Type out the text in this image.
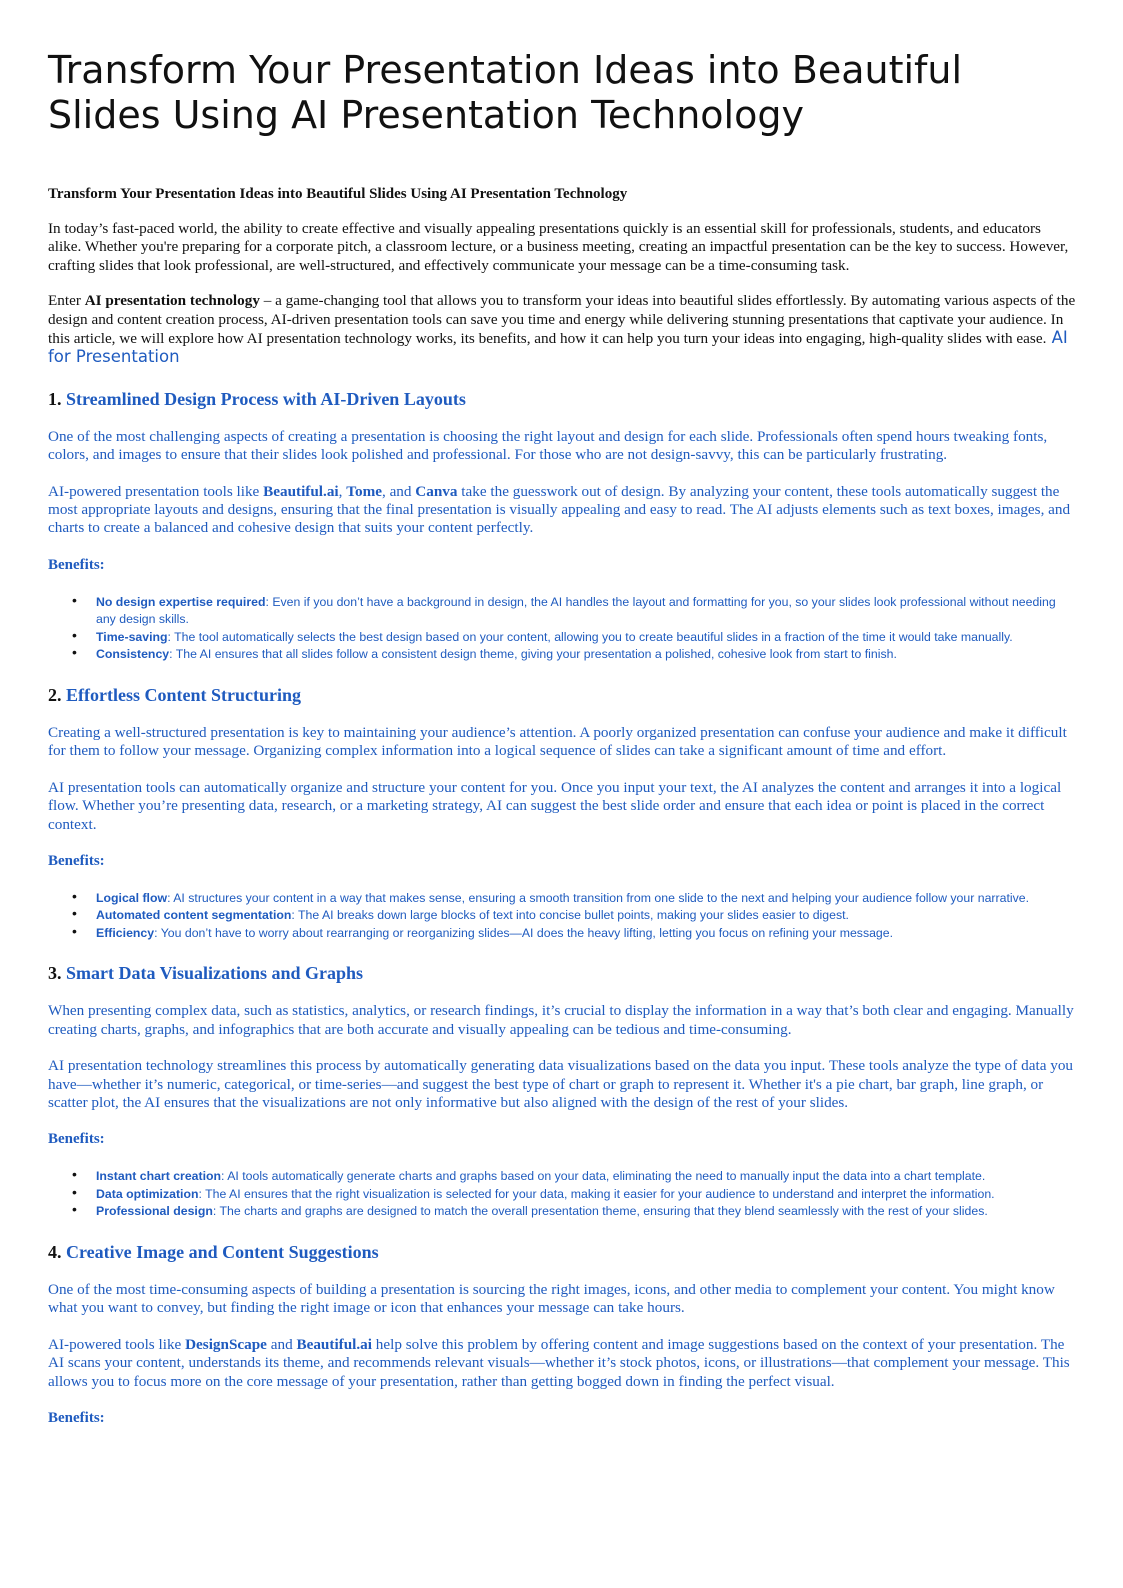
Transform Your Presentation Ideas into Beautiful Slides Using AI Presentation Technology
Transform Your Presentation Ideas into Beautiful Slides Using AI Presentation Technology

In today’s fast-paced world, the ability to create effective and visually appealing presentations quickly is an essential skill for professionals, students, and educators alike. Whether you're preparing for a corporate pitch, a classroom lecture, or a business meeting, creating an impactful presentation can be the key to success. However, crafting slides that look professional, are well-structured, and effectively communicate your message can be a time-consuming task.

Enter AI presentation technology – a game-changing tool that allows you to transform your ideas into beautiful slides effortlessly. By automating various aspects of the design and content creation process, AI-driven presentation tools can save you time and energy while delivering stunning presentations that captivate your audience. In this article, we will explore how AI presentation technology works, its benefits, and how it can help you turn your ideas into engaging, high-quality slides with ease. AI for Presentation

1. Streamlined Design Process with AI-Driven Layouts

One of the most challenging aspects of creating a presentation is choosing the right layout and design for each slide. Professionals often spend hours tweaking fonts, colors, and images to ensure that their slides look polished and professional. For those who are not design-savvy, this can be particularly frustrating.

AI-powered presentation tools like Beautiful.ai, Tome, and Canva take the guesswork out of design. By analyzing your content, these tools automatically suggest the most appropriate layouts and designs, ensuring that the final presentation is visually appealing and easy to read. The AI adjusts elements such as text boxes, images, and charts to create a balanced and cohesive design that suits your content perfectly.

Benefits:
• No design expertise required: Even if you don’t have a background in design, the AI handles the layout and formatting for you, so your slides look professional without needing any design skills.
• Time-saving: The tool automatically selects the best design based on your content, allowing you to create beautiful slides in a fraction of the time it would take manually.
• Consistency: The AI ensures that all slides follow a consistent design theme, giving your presentation a polished, cohesive look from start to finish.
2. Effortless Content Structuring

Creating a well-structured presentation is key to maintaining your audience’s attention. A poorly organized presentation can confuse your audience and make it difficult for them to follow your message. Organizing complex information into a logical sequence of slides can take a significant amount of time and effort.

AI presentation tools can automatically organize and structure your content for you. Once you input your text, the AI analyzes the content and arranges it into a logical flow. Whether you’re presenting data, research, or a marketing strategy, AI can suggest the best slide order and ensure that each idea or point is placed in the correct context.

Benefits:
• Logical flow: AI structures your content in a way that makes sense, ensuring a smooth transition from one slide to the next and helping your audience follow your narrative.
• Automated content segmentation: The AI breaks down large blocks of text into concise bullet points, making your slides easier to digest.
• Efficiency: You don’t have to worry about rearranging or reorganizing slides—AI does the heavy lifting, letting you focus on refining your message.
3. Smart Data Visualizations and Graphs

When presenting complex data, such as statistics, analytics, or research findings, it’s crucial to display the information in a way that’s both clear and engaging. Manually creating charts, graphs, and infographics that are both accurate and visually appealing can be tedious and time-consuming.

AI presentation technology streamlines this process by automatically generating data visualizations based on the data you input. These tools analyze the type of data you have—whether it’s numeric, categorical, or time-series—and suggest the best type of chart or graph to represent it. Whether it's a pie chart, bar graph, line graph, or scatter plot, the AI ensures that the visualizations are not only informative but also aligned with the design of the rest of your slides.

Benefits:
• Instant chart creation: AI tools automatically generate charts and graphs based on your data, eliminating the need to manually input the data into a chart template.
• Data optimization: The AI ensures that the right visualization is selected for your data, making it easier for your audience to understand and interpret the information.
• Professional design: The charts and graphs are designed to match the overall presentation theme, ensuring that they blend seamlessly with the rest of your slides.
4. Creative Image and Content Suggestions

One of the most time-consuming aspects of building a presentation is sourcing the right images, icons, and other media to complement your content. You might know what you want to convey, but finding the right image or icon that enhances your message can take hours.

AI-powered tools like DesignScape and Beautiful.ai help solve this problem by offering content and image suggestions based on the context of your presentation. The AI scans your content, understands its theme, and recommends relevant visuals—whether it’s stock photos, icons, or illustrations—that complement your message. This allows you to focus more on the core message of your presentation, rather than getting bogged down in finding the perfect visual.

Benefits:
